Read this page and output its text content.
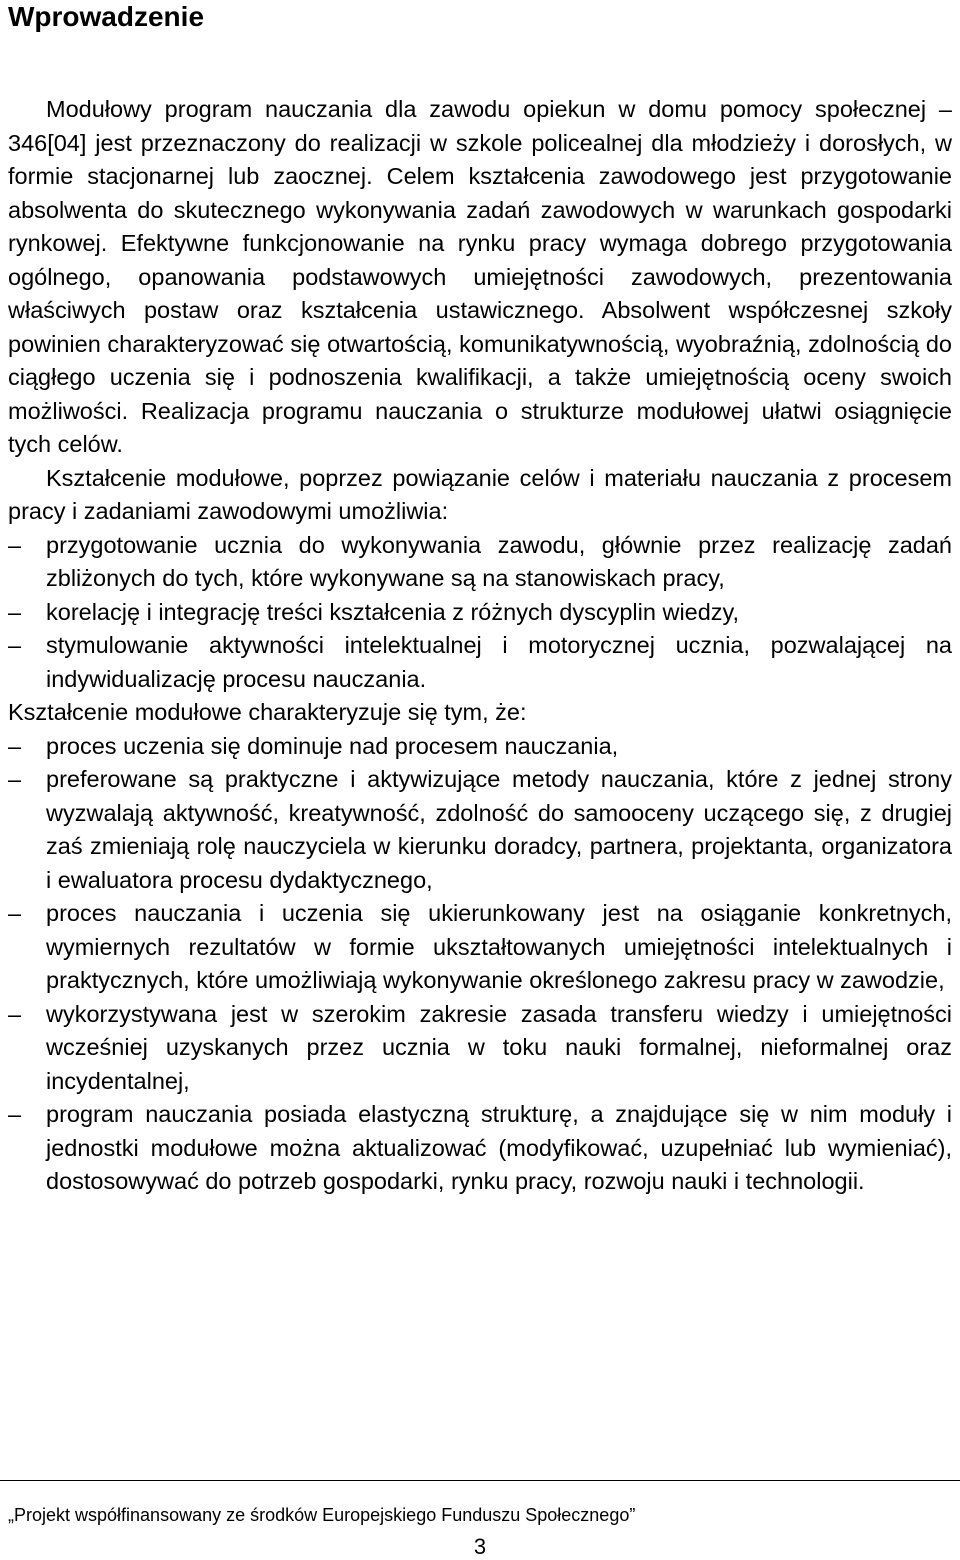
Wprowadzenie

Modułowy program nauczania dla zawodu opiekun w domu pomocy społecznej – 346[04] jest przeznaczony do realizacji w szkole policealnej dla młodzieży i dorosłych, w formie stacjonarnej lub zaocznej. Celem kształcenia zawodowego jest przygotowanie absolwenta do skutecznego wykonywania zadań zawodowych w warunkach gospodarki rynkowej. Efektywne funkcjonowanie na rynku pracy wymaga dobrego przygotowania ogólnego, opanowania podstawowych umiejętności zawodowych, prezentowania właściwych postaw oraz kształcenia ustawicznego. Absolwent współczesnej szkoły powinien charakteryzować się otwartością, komunikatywnością, wyobraźnią, zdolnością do ciągłego uczenia się i podnoszenia kwalifikacji, a także umiejętnością oceny swoich możliwości. Realizacja programu nauczania o strukturze modułowej ułatwi osiągnięcie tych celów.

Kształcenie modułowe, poprzez powiązanie celów i materiału nauczania z procesem pracy i zadaniami zawodowymi umożliwia:

–	przygotowanie ucznia do wykonywania zawodu, głównie przez realizację zadań zbliżonych do tych, które wykonywane są na stanowiskach pracy,
–	korelację i integrację treści kształcenia z różnych dyscyplin wiedzy,
–	stymulowanie aktywności intelektualnej i motorycznej ucznia, pozwalającej na indywidualizację procesu nauczania.

Kształcenie modułowe charakteryzuje się tym, że:

–	proces uczenia się dominuje nad procesem nauczania,
–	preferowane są praktyczne i aktywizujące metody nauczania, które z jednej strony wyzwalają aktywność, kreatywność, zdolność do samooceny uczącego się, z drugiej zaś zmieniają rolę nauczyciela w kierunku doradcy, partnera, projektanta, organizatora i ewaluatora procesu dydaktycznego,
–	proces nauczania i uczenia się ukierunkowany jest na osiąganie konkretnych, wymiernych rezultatów w formie ukształtowanych umiejętności intelektualnych i praktycznych, które umożliwiają wykonywanie określonego zakresu pracy w zawodzie,
–	wykorzystywana jest w szerokim zakresie zasada transferu wiedzy i umiejętności wcześniej uzyskanych przez ucznia w toku nauki formalnej, nieformalnej oraz incydentalnej,
–	program nauczania posiada elastyczną strukturę, a znajdujące się w nim moduły i jednostki modułowe można aktualizować (modyfikować, uzupełniać lub wymieniać), dostosowywać do potrzeb gospodarki, rynku pracy, rozwoju nauki i technologii.
„Projekt współfinansowany ze środków Europejskiego Funduszu Społecznego”
3
